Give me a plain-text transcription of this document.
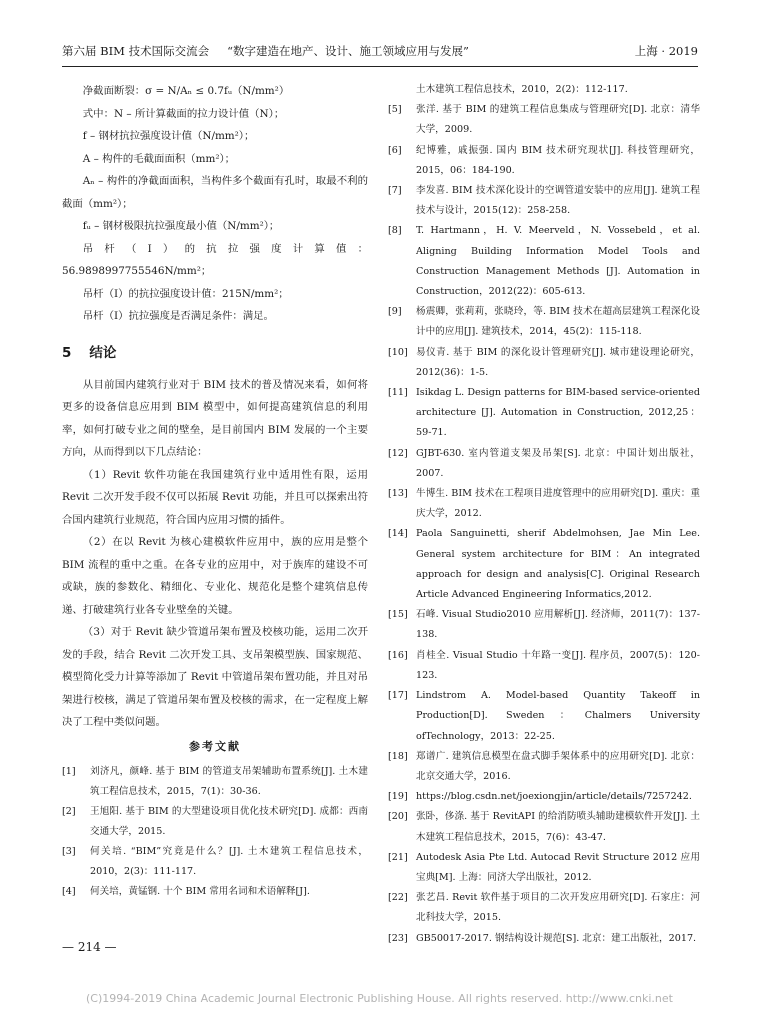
第六届 BIM 技术国际交流会 “数字建造在地产、设计、施工领域应用与发展”	上海 · 2019

净截面断裂：σ = N/Aₙ ≤ 0.7fᵤ（N/mm²）

式中：N – 所计算截面的拉力设计值（N）；

f – 钢材抗拉强度设计值（N/mm²）；

A – 构件的毛截面面积（mm²）；

Aₙ – 构件的净截面面积，当构件多个截面有孔时，取最不利的截面（mm²）；

fᵤ – 钢材极限抗拉强度最小值（N/mm²）；

吊杆（Ⅰ）的抗拉强度计算值：56.9898997755546N/mm²；

吊杆（Ⅰ）的抗拉强度设计值：215N/mm²；

吊杆（Ⅰ）抗拉强度是否满足条件：满足。

5 结论

从目前国内建筑行业对于 BIM 技术的普及情况来看，如何将更多的设备信息应用到 BIM 模型中，如何提高建筑信息的利用率，如何打破专业之间的壁垒，是目前国内 BIM 发展的一个主要方向，从而得到以下几点结论：

（1）Revit 软件功能在我国建筑行业中适用性有限，运用 Revit 二次开发手段不仅可以拓展 Revit 功能，并且可以探索出符合国内建筑行业规范，符合国内应用习惯的插件。

（2）在以 Revit 为核心建模软件应用中，族的应用是整个 BIM 流程的重中之重。在各专业的应用中，对于族库的建设不可或缺，族的参数化、精细化、专业化、规范化是整个建筑信息传递、打破建筑行业各专业壁垒的关键。

（3）对于 Revit 缺少管道吊架布置及校核功能，运用二次开发的手段，结合 Revit 二次开发工具、支吊架模型族、国家规范、模型简化受力计算等添加了 Revit 中管道吊架布置功能，并且对吊架进行校核，满足了管道吊架布置及校核的需求，在一定程度上解决了工程中类似问题。

参考文献
[1]	刘济凡，颜峰. 基于 BIM 的管道支吊架辅助布置系统[J]. 土木建筑工程信息技术，2015，7(1)：30-36.
[2]	王旭阳. 基于 BIM 的大型建设项目优化技术研究[D]. 成都：西南交通大学，2015.
[3]	何关培. “BIM”究竟是什么？[J]. 土木建筑工程信息技术，2010，2(3)：111-117.
[4]	何关培，黄锰钢. 十个 BIM 常用名词和术语解释[J].
土木建筑工程信息技术，2010，2(2)：112-117.
[5]	张洋. 基于 BIM 的建筑工程信息集成与管理研究[D]. 北京：清华大学，2009.
[6]	纪博雅，戚振强. 国内 BIM 技术研究现状[J]. 科技管理研究，2015，06：184-190.
[7]	李发喜. BIM 技术深化设计的空调管道安装中的应用[J]. 建筑工程技术与设计，2015(12)：258-258.
[8]	T. Hartmann，H. V. Meerveld，N. Vossebeld，et al. Aligning Building Information Model Tools and Construction Management Methods [J]. Automation in Construction，2012(22)：605-613.
[9]	杨震卿，张莉莉，张晓玲，等. BIM 技术在超高层建筑工程深化设计中的应用[J]. 建筑技术，2014，45(2)：115-118.
[10] 易仪青. 基于 BIM 的深化设计管理研究[J]. 城市建设理论研究，2012(36)：1-5.
[11] Isikdag L. Design patterns for BIM-based service-oriented architecture [J]. Automation in Construction, 2012,25：59-71.
[12] GJBT-630. 室内管道支架及吊架[S]. 北京：中国计划出版社，2007.
[13] 牛博生. BIM 技术在工程项目进度管理中的应用研究[D]. 重庆：重庆大学，2012.
[14] Paola Sanguinetti, sherif Abdelmohsen, Jae Min Lee. General system architecture for BIM：An integrated approach for design and analysis[C]. Original Research Article Advanced Engineering Informatics,2012.
[15] 石峰. Visual Studio2010 应用解析[J]. 经济师，2011(7)：137-138.
[16] 肖桂全. Visual Studio 十年路一变[J]. 程序员，2007(5)：120-123.
[17] Lindstrom A. Model-based Quantity Takeoff in Production[D]. Sweden：Chalmers University ofTechnology，2013：22-25.
[18] 郑谱广. 建筑信息模型在盘式脚手架体系中的应用研究[D]. 北京：北京交通大学，2016.
[19] https://blog.csdn.net/joexiongjin/article/details/7257242.
[20] 张卧，侈涤. 基于 RevitAPI 的给消防喷头辅助建模软件开发[J]. 土木建筑工程信息技术，2015，7(6)：43-47.
[21] Autodesk Asia Pte Ltd. Autocad Revit Structure 2012 应用宝典[M]. 上海：同济大学出版社，2012.
[22] 张艺昌. Revit 软件基于项目的二次开发应用研究[D]. 石家庄：河北科技大学，2015.
[23] GB50017-2017. 钢结构设计规范[S]. 北京：建工出版社，2017.
— 214 —
(C)1994-2019 China Academic Journal Electronic Publishing House. All rights reserved. http://www.cnki.net
